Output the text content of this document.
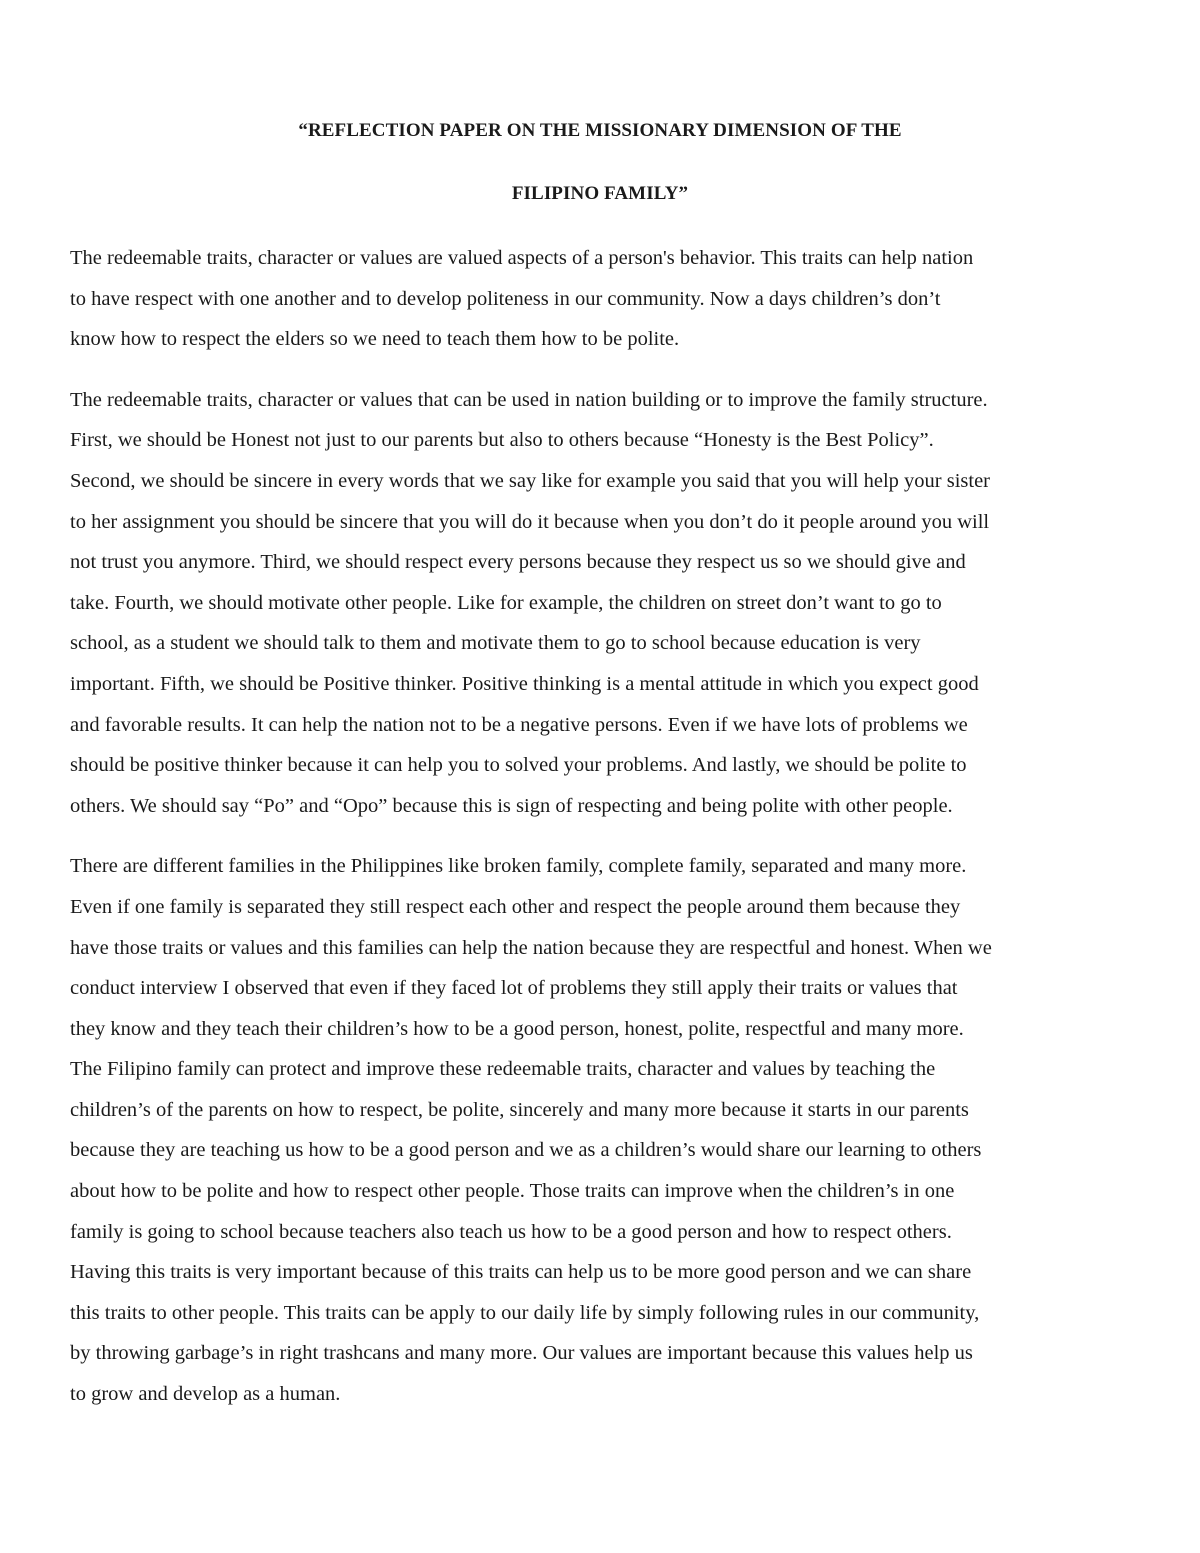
“REFLECTION PAPER ON THE MISSIONARY DIMENSION OF THE
FILIPINO FAMILY”

The redeemable traits, character or values are valued aspects of a person's behavior. This traits can help nation
to have respect with one another and to develop politeness in our community. Now a days children’s don’t
know how to respect the elders so we need to teach them how to be polite.

The redeemable traits, character or values that can be used in nation building or to improve the family structure.
First, we should be Honest not just to our parents but also to others because “Honesty is the Best Policy”.
Second, we should be sincere in every words that we say like for example you said that you will help your sister
to her assignment you should be sincere that you will do it because when you don’t do it people around you will
not trust you anymore. Third, we should respect every persons because they respect us so we should give and
take. Fourth, we should motivate other people. Like for example, the children on street don’t want to go to
school, as a student we should talk to them and motivate them to go to school because education is very
important. Fifth, we should be Positive thinker. Positive thinking is a mental attitude in which you expect good
and favorable results. It can help the nation not to be a negative persons. Even if we have lots of problems we
should be positive thinker because it can help you to solved your problems. And lastly, we should be polite to
others. We should say “Po” and “Opo” because this is sign of respecting and being polite with other people.

There are different families in the Philippines like broken family, complete family, separated and many more.
Even if one family is separated they still respect each other and respect the people around them because they
have those traits or values and this families can help the nation because they are respectful and honest. When we
conduct interview I observed that even if they faced lot of problems they still apply their traits or values that
they know and they teach their children’s how to be a good person, honest, polite, respectful and many more.
The Filipino family can protect and improve these redeemable traits, character and values by teaching the
children’s of the parents on how to respect, be polite, sincerely and many more because it starts in our parents
because they are teaching us how to be a good person and we as a children’s would share our learning to others
about how to be polite and how to respect other people. Those traits can improve when the children’s in one
family is going to school because teachers also teach us how to be a good person and how to respect others.
Having this traits is very important because of this traits can help us to be more good person and we can share
this traits to other people. This traits can be apply to our daily life by simply following rules in our community,
by throwing garbage’s in right trashcans and many more. Our values are important because this values help us
to grow and develop as a human.
